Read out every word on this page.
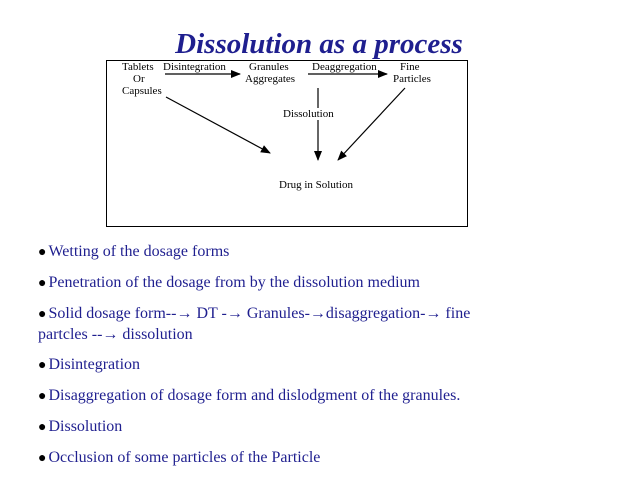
Dissolution as a process
Tablets
Or
Capsules
Disintegration Granules
Aggregates
Deaggregation Fine
Particles
Dissolution
Drug in Solution
● Wetting of the dosage forms
● Penetration of the dosage from by the dissolution medium
● Solid dosage form--→ DT -→ Granules-→disaggregation-→ fine
partcles --→ dissolution
● Disintegration
● Disaggregation of dosage form and dislodgment of the granules.
● Dissolution
● Occlusion of some particles of the Particle
